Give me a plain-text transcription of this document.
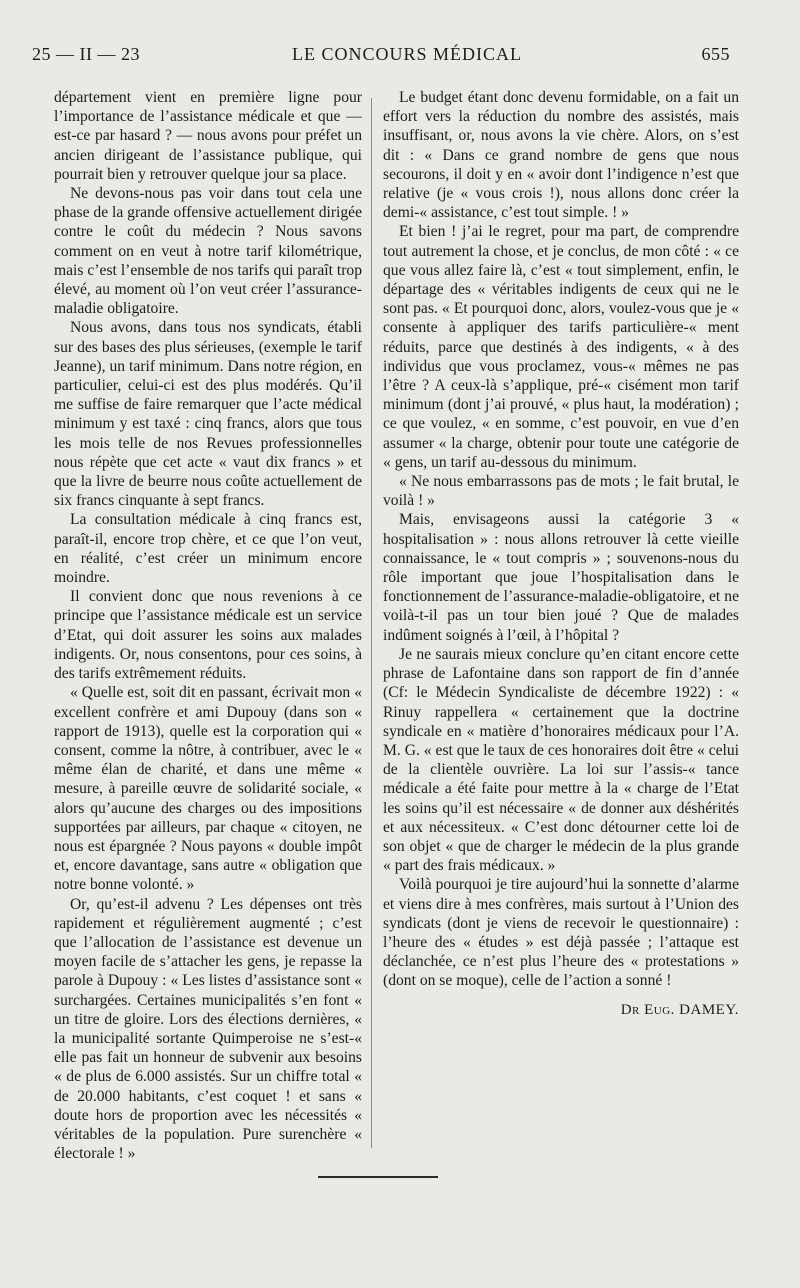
25 — II — 23	LE CONCOURS MÉDICAL	655

département vient en première ligne pour l’importance de l’assistance médicale et que — est-ce par hasard ? — nous avons pour préfet un ancien dirigeant de l’assistance publique, qui pourrait bien y retrouver quelque jour sa place.

Ne devons-nous pas voir dans tout cela une phase de la grande offensive actuellement dirigée contre le coût du médecin ? Nous savons comment on en veut à notre tarif kilométrique, mais c’est l’ensemble de nos tarifs qui paraît trop élevé, au moment où l’on veut créer l’assurance-maladie obligatoire.

Nous avons, dans tous nos syndicats, établi sur des bases des plus sérieuses, (exemple le tarif Jeanne), un tarif minimum. Dans notre région, en particulier, celui-ci est des plus modérés. Qu’il me suffise de faire remarquer que l’acte médical minimum y est taxé : cinq francs, alors que tous les mois telle de nos Revues professionnelles nous répète que cet acte « vaut dix francs » et que la livre de beurre nous coûte actuellement de six francs cinquante à sept francs.

La consultation médicale à cinq francs est, paraît-il, encore trop chère, et ce que l’on veut, en réalité, c’est créer un minimum encore moindre.

Il convient donc que nous revenions à ce principe que l’assistance médicale est un service d’Etat, qui doit assurer les soins aux malades indigents. Or, nous consentons, pour ces soins, à des tarifs extrêmement réduits.

« Quelle est, soit dit en passant, écrivait mon « excellent confrère et ami Dupouy (dans son « rapport de 1913), quelle est la corporation qui « consent, comme la nôtre, à contribuer, avec le « même élan de charité, et dans une même « mesure, à pareille œuvre de solidarité sociale, « alors qu’aucune des charges ou des impositions supportées par ailleurs, par chaque « citoyen, ne nous est épargnée ? Nous payons « double impôt et, encore davantage, sans autre « obligation que notre bonne volonté. »

Or, qu’est-il advenu ? Les dépenses ont très rapidement et régulièrement augmenté ; c’est que l’allocation de l’assistance est devenue un moyen facile de s’attacher les gens, je repasse la parole à Dupouy : « Les listes d’assistance sont « surchargées. Certaines municipalités s’en font « un titre de gloire. Lors des élections dernières, « la municipalité sortante Quimperoise ne s’est-« elle pas fait un honneur de subvenir aux besoins « de plus de 6.000 assistés. Sur un chiffre total « de 20.000 habitants, c’est coquet ! et sans « doute hors de proportion avec les nécessités « véritables de la population. Pure surenchère « électorale ! »

Le budget étant donc devenu formidable, on a fait un effort vers la réduction du nombre des assistés, mais insuffisant, or, nous avons la vie chère. Alors, on s’est dit : « Dans ce grand nombre de gens que nous secourons, il doit y en « avoir dont l’indigence n’est que relative (je « vous crois !), nous allons donc créer la demi-« assistance, c’est tout simple. ! »

Et bien ! j’ai le regret, pour ma part, de comprendre tout autrement la chose, et je conclus, de mon côté : « ce que vous allez faire là, c’est « tout simplement, enfin, le départage des « véritables indigents de ceux qui ne le sont pas. « Et pourquoi donc, alors, voulez-vous que je « consente à appliquer des tarifs particulière-« ment réduits, parce que destinés à des indigents, « à des individus que vous proclamez, vous-« mêmes ne pas l’être ? A ceux-là s’applique, pré-« cisément mon tarif minimum (dont j’ai prouvé, « plus haut, la modération) ; ce que voulez, « en somme, c’est pouvoir, en vue d’en assumer « la charge, obtenir pour toute une catégorie de « gens, un tarif au-dessous du minimum.

« Ne nous embarrassons pas de mots ; le fait brutal, le voilà ! »

Mais, envisageons aussi la catégorie 3 « hospitalisation » : nous allons retrouver là cette vieille connaissance, le « tout compris » ; souvenons-nous du rôle important que joue l’hospitalisation dans le fonctionnement de l’assurance-maladie-obligatoire, et ne voilà-t-il pas un tour bien joué ? Que de malades indûment soignés à l’œil, à l’hôpital ?

Je ne saurais mieux conclure qu’en citant encore cette phrase de Lafontaine dans son rapport de fin d’année (Cf: le Médecin Syndicaliste de décembre 1922) : « Rinuy rappellera « certainement que la doctrine syndicale en « matière d’honoraires médicaux pour l’A. M. G. « est que le taux de ces honoraires doit être « celui de la clientèle ouvrière. La loi sur l’assis-« tance médicale a été faite pour mettre à la « charge de l’Etat les soins qu’il est nécessaire « de donner aux déshérités et aux nécessiteux. « C’est donc détourner cette loi de son objet « que de charger le médecin de la plus grande « part des frais médicaux. »

Voilà pourquoi je tire aujourd’hui la sonnette d’alarme et viens dire à mes confrères, mais surtout à l’Union des syndicats (dont je viens de recevoir le questionnaire) : l’heure des « études » est déjà passée ; l’attaque est déclanchée, ce n’est plus l’heure des « protestations » (dont on se moque), celle de l’action a sonné !

Dr Eug. DAMEY.
